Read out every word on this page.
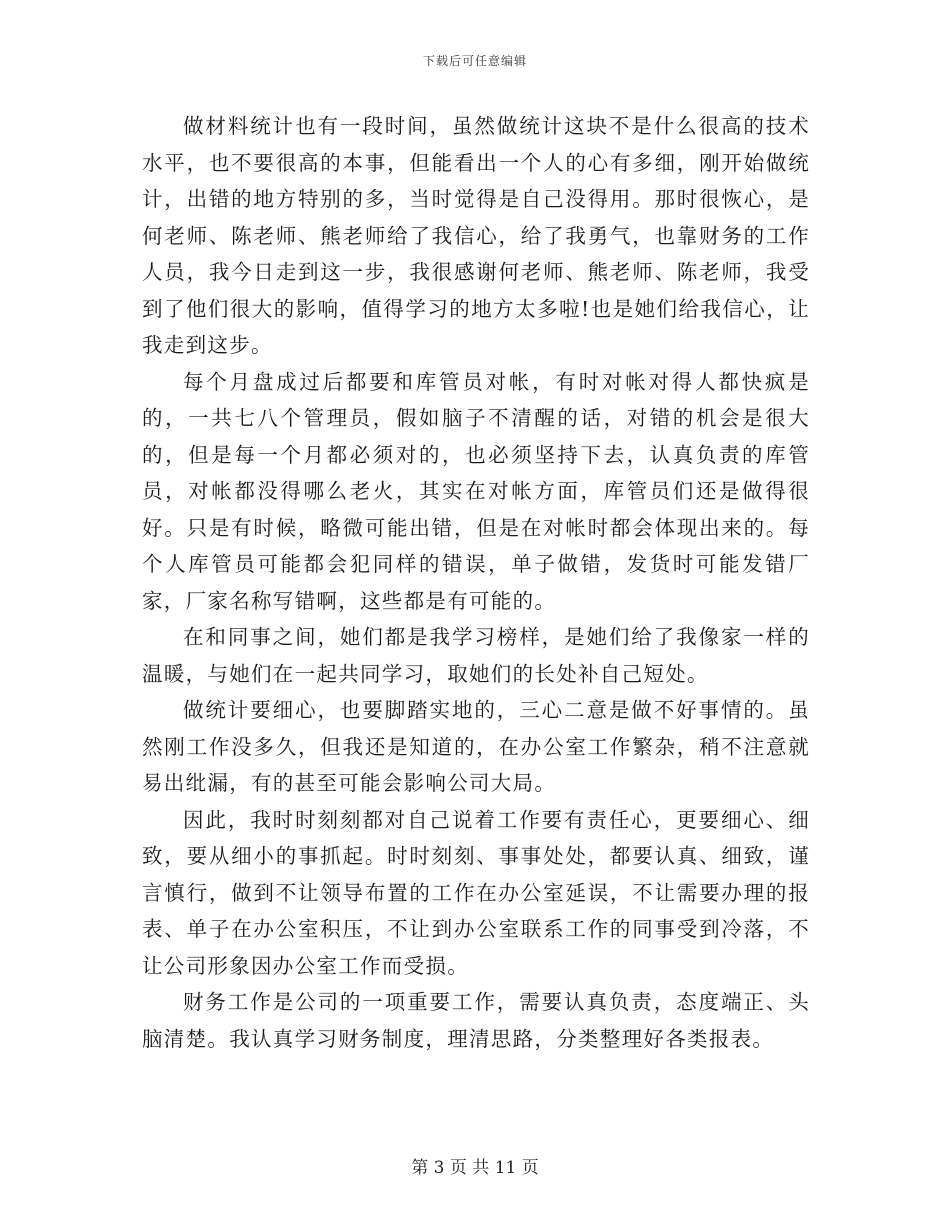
下载后可任意编辑

做材料统计也有一段时间，虽然做统计这块不是什么很高的技术水平，也不要很高的本事，但能看出一个人的心有多细，刚开始做统计，出错的地方特别的多，当时觉得是自己没得用。那时很恢心，是何老师、陈老师、熊老师给了我信心，给了我勇气，也靠财务的工作人员，我今日走到这一步，我很感谢何老师、熊老师、陈老师，我受到了他们很大的影响，值得学习的地方太多啦!也是她们给我信心，让我走到这步。

每个月盘成过后都要和库管员对帐，有时对帐对得人都快疯是的，一共七八个管理员，假如脑子不清醒的话，对错的机会是很大的，但是每一个月都必须对的，也必须坚持下去，认真负责的库管员，对帐都没得哪么老火，其实在对帐方面，库管员们还是做得很好。只是有时候，略微可能出错，但是在对帐时都会体现出来的。每个人库管员可能都会犯同样的错误，单子做错，发货时可能发错厂家，厂家名称写错啊，这些都是有可能的。

在和同事之间，她们都是我学习榜样，是她们给了我像家一样的温暖，与她们在一起共同学习，取她们的长处补自己短处。

做统计要细心，也要脚踏实地的，三心二意是做不好事情的。虽然刚工作没多久，但我还是知道的，在办公室工作繁杂，稍不注意就易出纰漏，有的甚至可能会影响公司大局。

因此，我时时刻刻都对自己说着工作要有责任心，更要细心、细致，要从细小的事抓起。时时刻刻、事事处处，都要认真、细致，谨言慎行，做到不让领导布置的工作在办公室延误，不让需要办理的报表、单子在办公室积压，不让到办公室联系工作的同事受到冷落，不让公司形象因办公室工作而受损。

财务工作是公司的一项重要工作，需要认真负责，态度端正、头脑清楚。我认真学习财务制度，理清思路，分类整理好各类报表。

第 3 页 共 11 页
